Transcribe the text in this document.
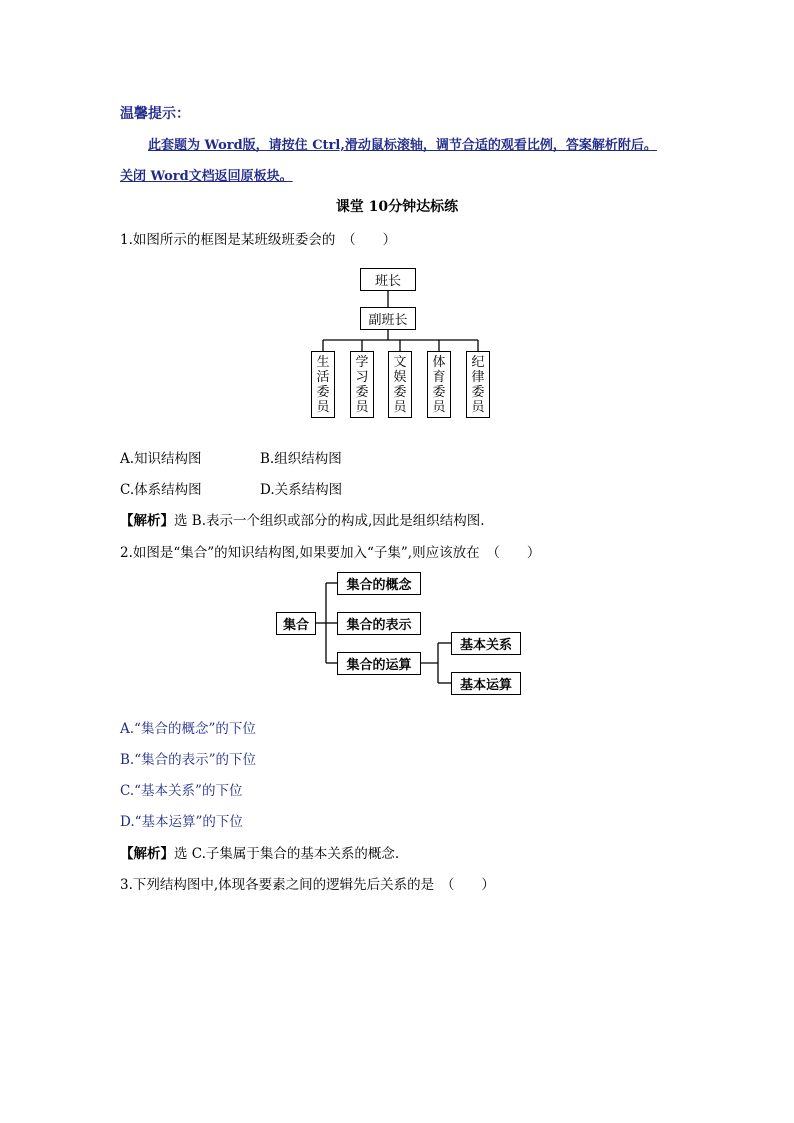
温馨提示：
此套题为 Word版，请按住 Ctrl,滑动鼠标滚轴，调节合适的观看比例，答案解析附后。
关闭 Word文档返回原板块。
课堂 10分钟达标练
1.如图所示的框图是某班级班委会的　（　　）
班长
副班长
生
活
委
员
学
习
委
员
文
娱
委
员
体
育
委
员
纪
律
委
员
A.知识结构图	B.组织结构图
C.体系结构图	D.关系结构图
【解析】选 B.表示一个组织或部分的构成,因此是组织结构图.
2.如图是“集合”的知识结构图,如果要加入“子集”,则应该放在　（　　）
集合
集合的概念
集合的表示
集合的运算
基本关系
基本运算
A.“集合的概念”的下位
B.“集合的表示”的下位
C.“基本关系”的下位
D.“基本运算”的下位
【解析】选 C.子集属于集合的基本关系的概念.
3.下列结构图中,体现各要素之间的逻辑先后关系的是　（　　）
